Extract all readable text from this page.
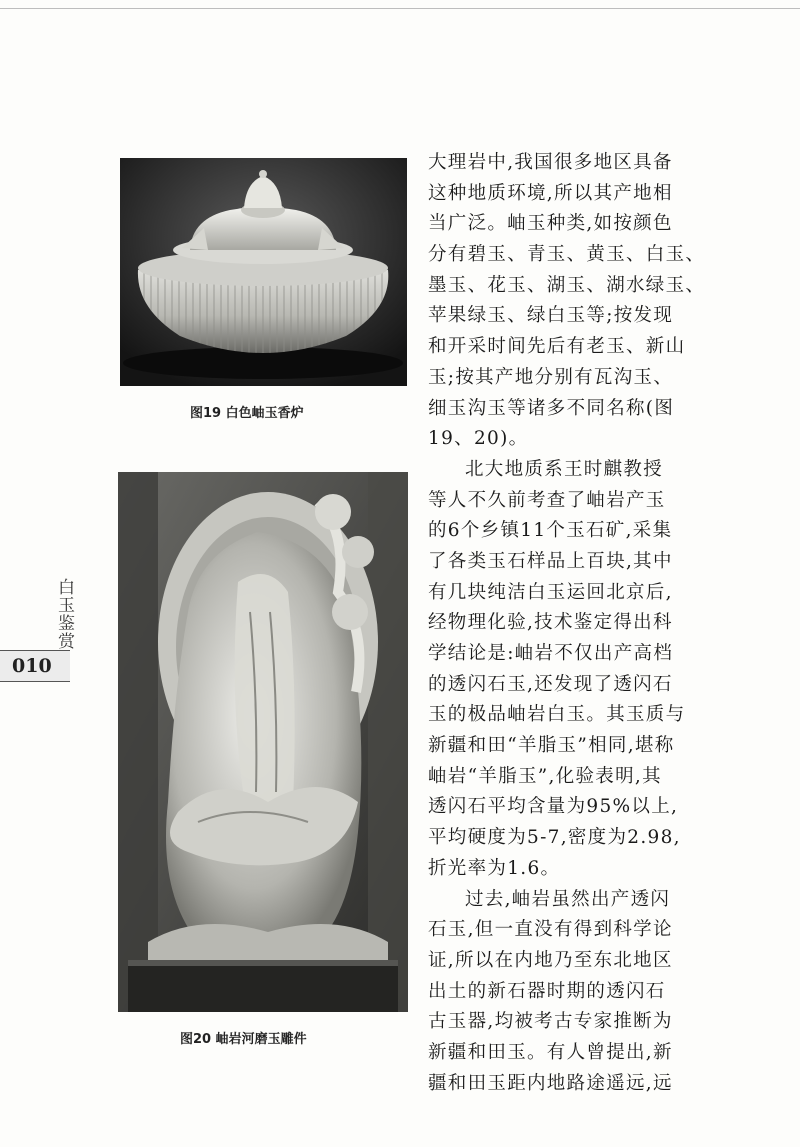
图19 白色岫玉香炉
图20 岫岩河磨玉雕件
白玉鉴赏
010
大理岩中,我国很多地区具备
这种地质环境,所以其产地相
当广泛。岫玉种类,如按颜色
分有碧玉、青玉、黄玉、白玉、
墨玉、花玉、湖玉、湖水绿玉、
苹果绿玉、绿白玉等;按发现
和开采时间先后有老玉、新山
玉;按其产地分别有瓦沟玉、
细玉沟玉等诸多不同名称(图
19、20)。
北大地质系王时麒教授
等人不久前考查了岫岩产玉
的6个乡镇11个玉石矿,采集
了各类玉石样品上百块,其中
有几块纯洁白玉运回北京后,
经物理化验,技术鉴定得出科
学结论是:岫岩不仅出产高档
的透闪石玉,还发现了透闪石
玉的极品岫岩白玉。其玉质与
新疆和田“羊脂玉”相同,堪称
岫岩“羊脂玉”,化验表明,其
透闪石平均含量为95%以上,
平均硬度为5-7,密度为2.98,
折光率为1.6。
过去,岫岩虽然出产透闪
石玉,但一直没有得到科学论
证,所以在内地乃至东北地区
出土的新石器时期的透闪石
古玉器,均被考古专家推断为
新疆和田玉。有人曾提出,新
疆和田玉距内地路途遥远,远
